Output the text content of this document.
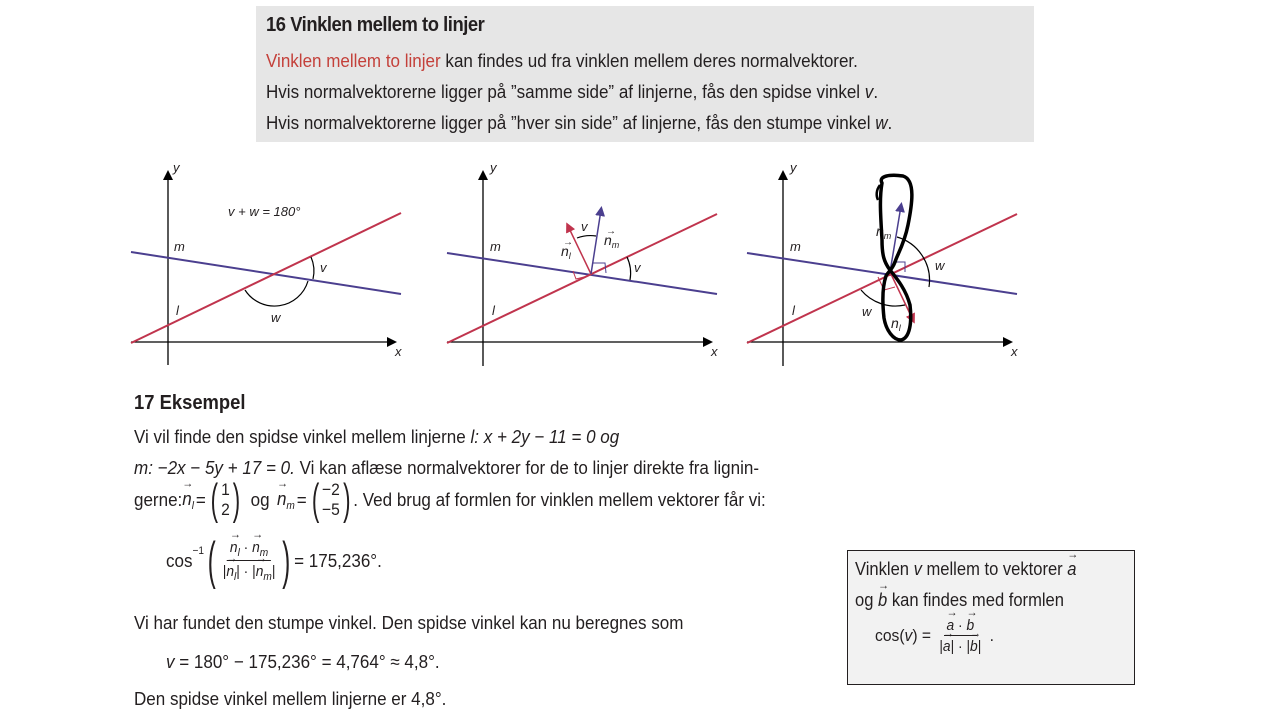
16 Vinklen mellem to linjer
Vinklen mellem to linjer kan findes ud fra vinklen mellem deres normalvektorer.
Hvis normalvektorerne ligger på ”samme side” af linjerne, fås den spidse vinkel v.
Hvis normalvektorerne ligger på ”hver sin side” af linjerne, fås den stumpe vinkel w.
y
x
m
l
v + w = 180°
v
w
y
x
m
l
v
v
$n_l$
→ $n_m$
→
y
x
m
l
w
w
$n_m$
$n_l$
17 Eksempel
Vi vil finde den spidse vinkel mellem linjerne l: x + 2y − 11 = 0 og
m: −2x − 5y + 17 = 0. Vi kan aflæse normalvektorer for de to linjer direkte fra lignin-
gerne: → $n_l$ = ( 1
2 ) og → $n_m$ = ( −2
−5 ) . Ved brug af formlen for vinklen mellem vektorer får vi:
$\cos^{-1}$ ( → $\frac{n_l \cdot \to n_m}{|\to n_l| \cdot |\to n_m|}$ ) = 175,236°.
Vi har fundet den stumpe vinkel. Den spidse vinkel kan nu beregnes som
v = 180° − 175,236° = 4,764° ≈ 4,8°.
Den spidse vinkel mellem linjerne er 4,8°.
Vinklen v mellem to vektorer → a
og → b kan findes med formlen
cos( v ) = → $\frac{a \cdot \to b}{|\to a| \cdot |\to b|}$ .
